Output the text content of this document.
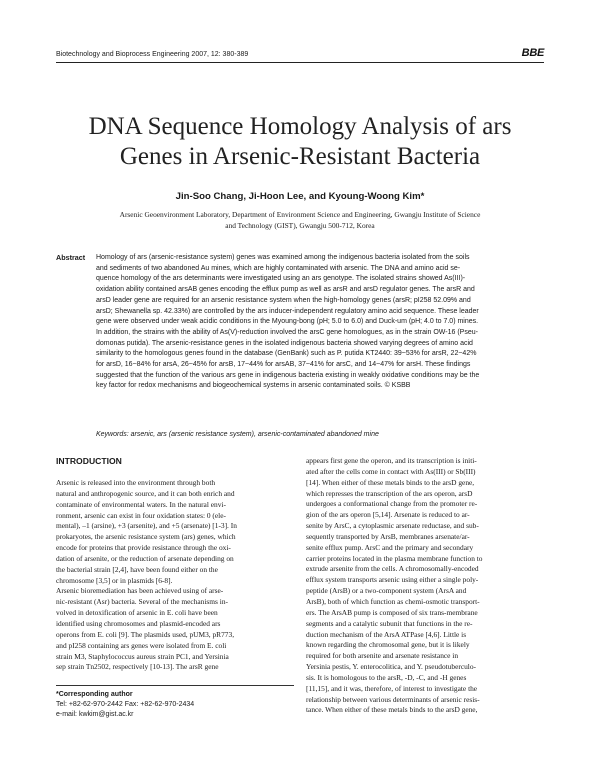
Biotechnology and Bioprocess Engineering 2007, 12: 380-389	BBE
DNA Sequence Homology Analysis of ars
Genes in Arsenic-Resistant Bacteria
Jin-Soo Chang, Ji-Hoon Lee, and Kyoung-Woong Kim*
Arsenic Geoenvironment Laboratory, Department of Environment Science and Engineering, Gwangju Institute of Science
and Technology (GIST), Gwangju 500-712, Korea
Abstract Homology of ars (arsenic-resistance system) genes was examined among the indigenous bacteria isolated from the soils
and sediments of two abandoned Au mines, which are highly contaminated with arsenic. The DNA and amino acid se-
quence homology of the ars determinants were investigated using an ars genotype. The isolated strains showed As(III)-
oxidation ability contained arsAB genes encoding the efflux pump as well as arsR and arsD regulator genes. The arsR and
arsD leader gene are required for an arsenic resistance system when the high-homology genes (arsR; pI258 52.09% and
arsD; Shewanella sp. 42.33%) are controlled by the ars inducer-independent regulatory amino acid sequence. These leader
gene were observed under weak acidic conditions in the Myoung-bong (pH; 5.0 to 6.0) and Duck-um (pH; 4.0 to 7.0) mines.
In addition, the strains with the ability of As(V)-reduction involved the arsC gene homologues, as in the strain OW-16 (Pseu-
domonas putida). The arsenic-resistance genes in the isolated indigenous bacteria showed varying degrees of amino acid
similarity to the homologous genes found in the database (GenBank) such as P. putida KT2440: 39~53% for arsR, 22~42%
for arsD, 16~84% for arsA, 26~45% for arsB, 17~44% for arsAB, 37~41% for arsC, and 14~47% for arsH. These findings
suggested that the function of the various ars gene in indigenous bacteria existing in weakly oxidative conditions may be the
key factor for redox mechanisms and biogeochemical systems in arsenic contaminated soils. © KSBB
Keywords: arsenic, ars (arsenic resistance system), arsenic-contaminated abandoned mine
INTRODUCTION
Arsenic is released into the environment through both
natural and anthropogenic source, and it can both enrich and
contaminate of environmental waters. In the natural envi-
ronment, arsenic can exist in four oxidation states: 0 (ele-
mental), –1 (arsine), +3 (arsenite), and +5 (arsenate) [1-3]. In
prokaryotes, the arsenic resistance system (ars) genes, which
encode for proteins that provide resistance through the oxi-
dation of arsenite, or the reduction of arsenate depending on
the bacterial strain [2,4], have been found either on the
chromosome [3,5] or in plasmids [6-8].
Arsenic bioremediation has been achieved using of arse-
nic-resistant (Asr) bacteria. Several of the mechanisms in-
volved in detoxification of arsenic in E. coli have been
identified using chromosomes and plasmid-encoded ars
operons from E. coli [9]. The plasmids used, pUM3, pR773,
and pI258 containing ars genes were isolated from E. coli
strain M3, Staphylococcus aureus strain PC1, and Yersinia
sep strain Tn2502, respectively [10-13]. The arsR gene
appears first gene the operon, and its transcription is initi-
ated after the cells come in contact with As(III) or Sb(III)
[14]. When either of these metals binds to the arsD gene,
which represses the transcription of the ars operon, arsD
undergoes a conformational change from the promoter re-
gion of the ars operon [5,14]. Arsenate is reduced to ar-
senite by ArsC, a cytoplasmic arsenate reductase, and sub-
sequently transported by ArsB, membranes arsenate/ar-
senite efflux pump. ArsC and the primary and secondary
carrier proteins located in the plasma membrane function to
extrude arsenite from the cells. A chromosomally-encoded
efflux system transports arsenic using either a single poly-
peptide (ArsB) or a two-component system (ArsA and
ArsB), both of which function as chemi-osmotic transport-
ers. The ArsAB pump is composed of six trans-membrane
segments and a catalytic subunit that functions in the re-
duction mechanism of the ArsA ATPase [4,6]. Little is
known regarding the chromosomal gene, but it is likely
required for both arsenite and arsenate resistance in
Yersinia pestis, Y. enterocolitica, and Y. pseudotuberculo-
sis. It is homologous to the arsR, -D, -C, and -H genes
[11,15], and it was, therefore, of interest to investigate the
relationship between various determinants of arsenic resis-
tance. When either of these metals binds to the arsD gene,
*Corresponding author
Tel: +82-62-970-2442 Fax: +82-62-970-2434
e-mail: kwkim@gist.ac.kr
